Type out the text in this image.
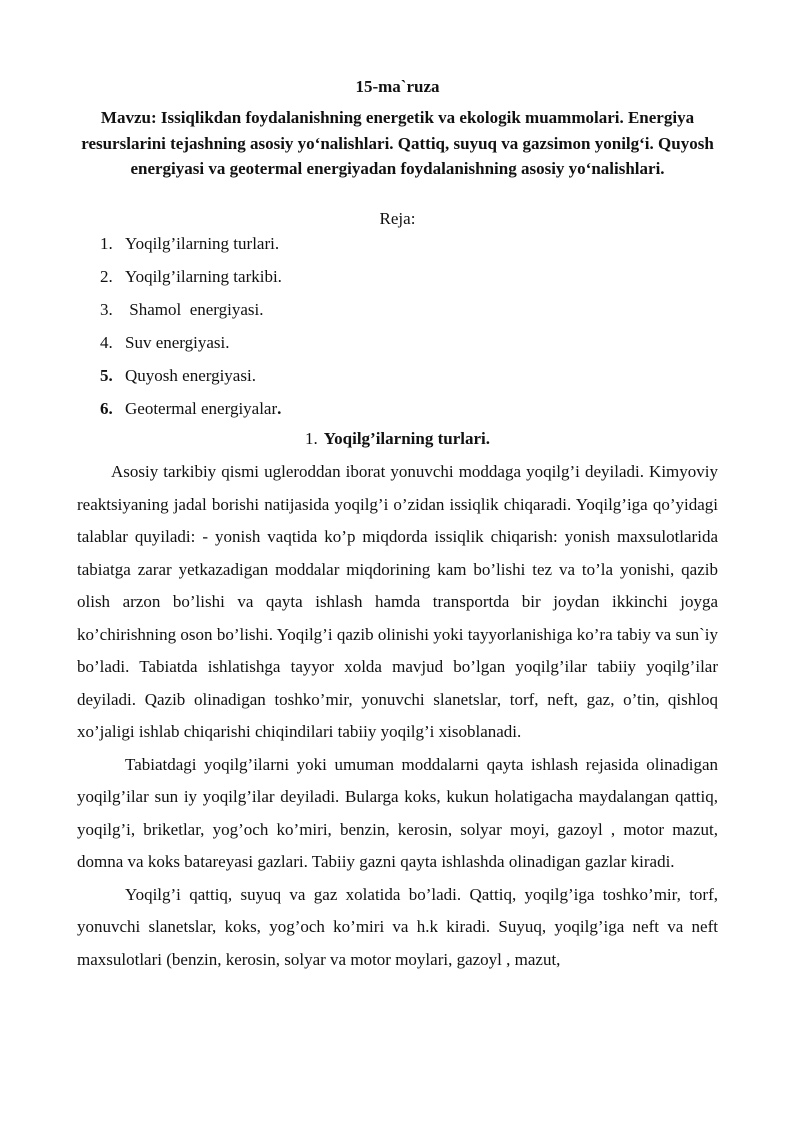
15-ma`ruza
Mavzu: Issiqlikdan foydalanishning energetik va ekologik muammolari. Energiya resurslarini tejashning asosiy yo‘nalishlari. Qattiq, suyuq va gazsimon yonilg‘i. Quyosh energiyasi va geotermal energiyadan foydalanishning asosiy yo‘nalishlari.
Reja:
1. Yoqilg’ilarning turlari.
2. Yoqilg’ilarning tarkibi.
3. Shamol  energiyasi.
4. Suv energiyasi.
5. Quyosh energiyasi.
6. Geotermal energiyalar.
1. Yoqilg’ilarning turlari.

Asosiy tarkibiy qismi ugleroddan iborat yonuvchi moddaga yoqilg’i deyiladi. Kimyoviy reaktsiyaning jadal borishi natijasida yoqilg’i o’zidan issiqlik chiqaradi. Yoqilg’iga qo’yidagi talablar quyiladi: - yonish vaqtida ko’p miqdorda issiqlik chiqarish: yonish maxsulotlarida tabiatga zarar yetkazadigan moddalar miqdorining kam bo’lishi tez va to’la yonishi, qazib olish arzon bo’lishi va qayta ishlash hamda transportda bir joydan ikkinchi joyga ko’chirishning oson bo’lishi. Yoqilg’i qazib olinishi yoki tayyorlanishiga ko’ra tabiy va sun`iy bo’ladi. Tabiatda ishlatishga tayyor xolda mavjud bo’lgan yoqilg’ilar tabiiy yoqilg’ilar deyiladi. Qazib olinadigan toshko’mir, yonuvchi slanetslar, torf, neft, gaz, o’tin, qishloq xo’jaligi ishlab chiqarishi chiqindilari tabiiy yoqilg’i xisoblanadi.

Tabiatdagi yoqilg’ilarni yoki umuman moddalarni qayta ishlash rejasida olinadigan yoqilg’ilar sun iy yoqilg’ilar deyiladi. Bularga koks, kukun holatigacha maydalangan qattiq, yoqilg’i, briketlar, yog’och ko’miri, benzin, kerosin, solyar moyi, gazoyl , motor mazut, domna va koks batareyasi gazlari. Tabiiy gazni qayta ishlashda olinadigan gazlar kiradi.

Yoqilg’i qattiq, suyuq va gaz xolatida bo’ladi. Qattiq, yoqilg’iga toshko’mir, torf, yonuvchi slanetslar, koks, yog’och ko’miri va h.k kiradi. Suyuq, yoqilg’iga neft va neft maxsulotlari (benzin, kerosin, solyar va motor moylari, gazoyl , mazut,
